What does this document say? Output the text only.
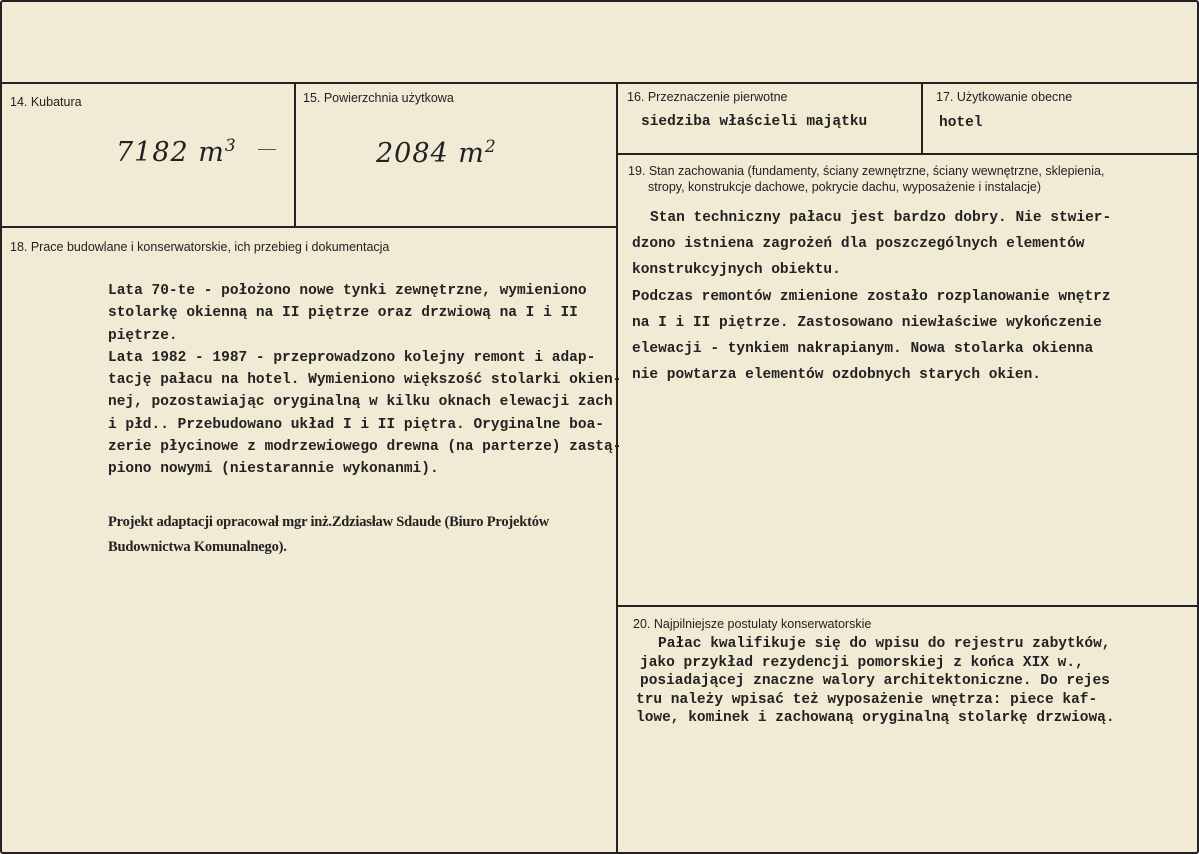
14. Kubatura
7182 $m^3$
15. Powierzchnia użytkowa
2084 $m^2$
16. Przeznaczenie pierwotne
siedziba właścieli majątku
17. Użytkowanie obecne
hotel
18. Prace budowlane i konserwatorskie, ich przebieg i dokumentacja
Lata 70-te - położono nowe tynki zewnętrzne, wymieniono
stolarkę okienną na II piętrze oraz drzwiową na I i II
piętrze.
Lata 1982 - 1987 - przeprowadzono kolejny remont i adap-
tację pałacu na hotel. Wymieniono większość stolarki okien-
nej, pozostawiając oryginalną w kilku oknach elewacji zach.
i płd.. Przebudowano układ I i II piętra. Oryginalne boa-
zerie płycinowe z modrzewiowego drewna (na parterze) zastą-
piono nowymi (niestarannie wykonanmi).
Projekt adaptacji opracował mgr inż.Zdziasław Sdaude (Biuro Projektów
Budownictwa Komunalnego).
19. Stan zachowania (fundamenty, ściany zewnętrzne, ściany wewnętrzne, sklepienia,
stropy, konstrukcje dachowe, pokrycie dachu, wyposażenie i instalacje)
Stan techniczny pałacu jest bardzo dobry. Nie stwier-
dzono istniena zagrożeń dla poszczególnych elementów
konstrukcyjnych obiektu.
Podczas remontów zmienione zostało rozplanowanie wnętrz
na I i II piętrze. Zastosowano niewłaściwe wykończenie
elewacji - tynkiem nakrapianym. Nowa stolarka okienna
nie powtarza elementów ozdobnych starych okien.
20. Najpilniejsze postulaty konserwatorskie
Pałac kwalifikuje się do wpisu do rejestru zabytków,
jako przykład rezydencji pomorskiej z końca XIX w.,
posiadającej znaczne walory architektoniczne. Do rejes
tru należy wpisać też wyposażenie wnętrza: piece kaf-
lowe, kominek i zachowaną oryginalną stolarkę drzwiową.
